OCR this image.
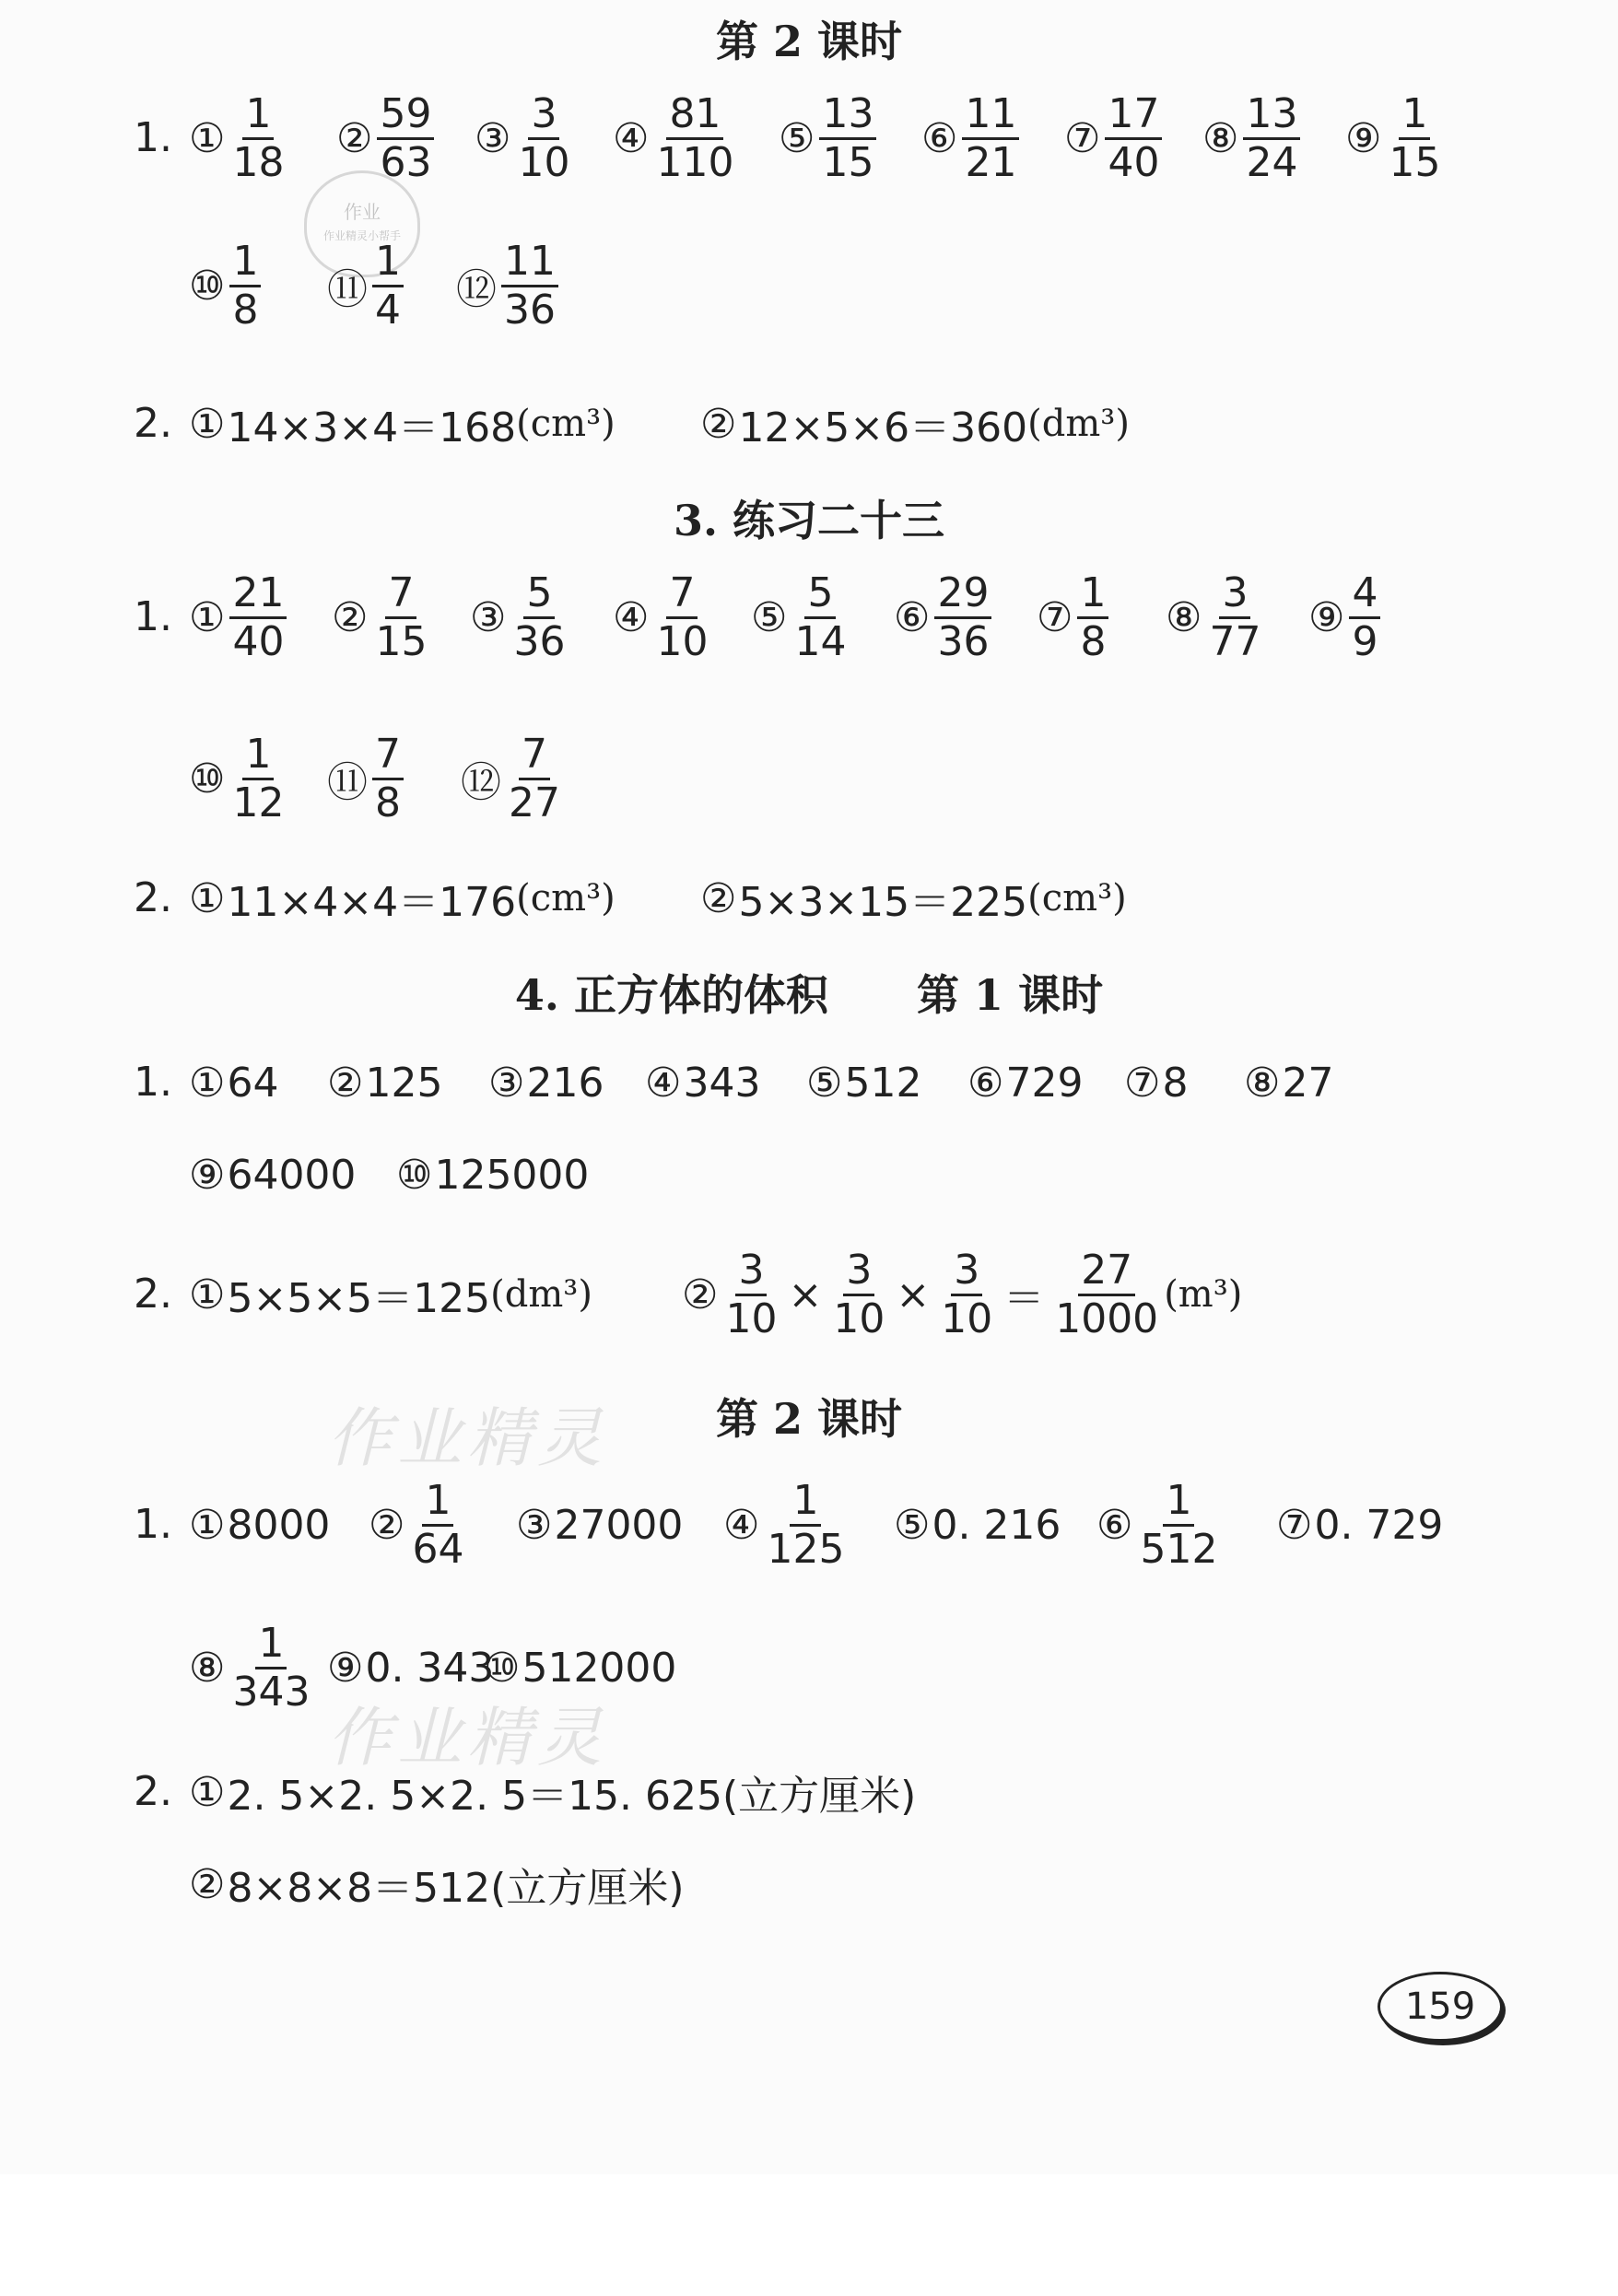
作业
作业精灵小帮手
作业精灵
作业精灵
第 2 课时
1. ① $\frac{1}{18}$ ② $\frac{59}{63}$ ③ $\frac{3}{10}$ ④ $\frac{81}{110}$ ⑤ $\frac{13}{15}$ ⑥ $\frac{11}{21}$ ⑦ $\frac{17}{40}$ ⑧ $\frac{13}{24}$ ⑨ $\frac{1}{15}$
⑩ $\frac{1}{8}$ ⑪ $\frac{1}{4}$ ⑫ $\frac{11}{36}$
2. ① 14×3×4＝168 (cm³) ② 12×5×6＝360 (dm³)
3. 练习二十三
1. ① $\frac{21}{40}$ ② $\frac{7}{15}$ ③ $\frac{5}{36}$ ④ $\frac{7}{10}$ ⑤ $\frac{5}{14}$ ⑥ $\frac{29}{36}$ ⑦ $\frac{1}{8}$ ⑧ $\frac{3}{77}$ ⑨ $\frac{4}{9}$
⑩ $\frac{1}{12}$ ⑪ $\frac{7}{8}$ ⑫ $\frac{7}{27}$
2. ① 11×4×4＝176 (cm³) ② 5×3×15＝225 (cm³)
4. 正方体的体积      第 1 课时
1. ① 64 ② 125 ③ 216 ④ 343 ⑤ 512 ⑥ 729 ⑦ 8 ⑧ 27
⑨ 64000 ⑩ 125000
2. ① 5×5×5＝125 (dm³) ② $\frac{3}{10} \times \frac{3}{10} \times \frac{3}{10} = \frac{27}{1000} (m^3)$
第 2 课时
1. ① 8000 ② $\frac{1}{64}$ ③ 27000 ④ $\frac{1}{125}$ ⑤ 0. 216 ⑥ $\frac{1}{512}$ ⑦ 0. 729
⑧ $\frac{1}{343}$ ⑨ 0. 343
⑩ 512000
2. ① 2. 5×2. 5×2. 5＝15. 625(立方厘米)
② 8×8×8＝512(立方厘米)
159
